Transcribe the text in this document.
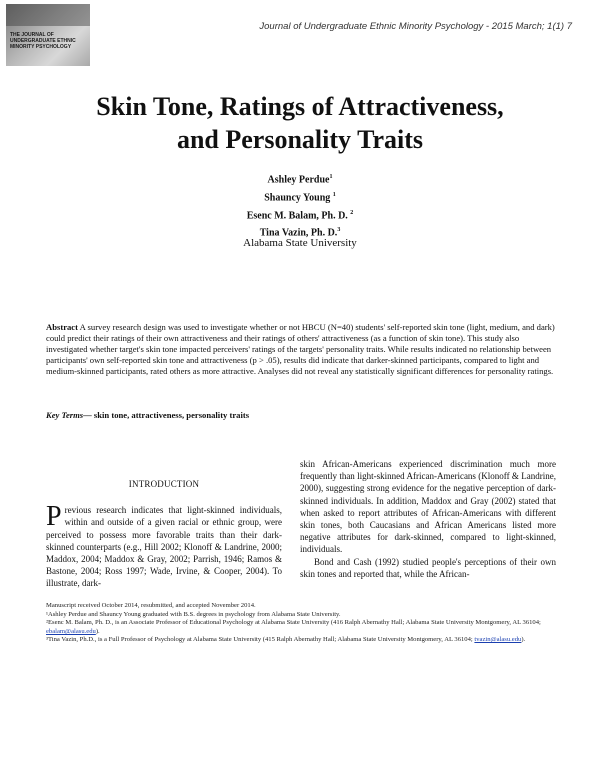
THE JOURNAL OF UNDERGRADUATE ETHNIC MINORITY PSYCHOLOGY
Journal of Undergraduate Ethnic Minority Psychology - 2015 March; 1(1) 7
Skin Tone, Ratings of Attractiveness,
and Personality Traits
Ashley Perdue$^1$
Shauncy Young $^1$
Esenc M. Balam, Ph. D. $^2$
Tina Vazin, Ph. D.$^3$
Alabama State University
Abstract A survey research design was used to investigate whether or not HBCU (N=40) students' self-reported skin tone (light, medium, and dark) could predict their ratings of their own attractiveness and their ratings of others' attractiveness (as a function of skin tone). This study also investigated whether target's skin tone impacted perceivers' ratings of the targets' personality traits. While results indicated no relationship between participants' own self-reported skin tone and attractiveness (p > .05), results did indicate that darker-skinned participants, compared to light and medium-skinned participants, rated others as more attractive. Analyses did not reveal any statistically significant differences for personality ratings.
Key Terms— skin tone, attractiveness, personality traits
INTRODUCTION

Previous research indicates that light-skinned individuals, within and outside of a given racial or ethnic group, were perceived to possess more favorable traits than their dark-skinned counterparts (e.g., Hill 2002; Klonoff & Landrine, 2000; Maddox, 2004; Maddox & Gray, 2002; Parrish, 1946; Ramos & Bastone, 2004; Ross 1997; Wade, Irvine, & Cooper, 2004). To illustrate, dark-

skin African-Americans experienced discrimination much more frequently than light-skinned African-Americans (Klonoff & Landrine, 2000), suggesting strong evidence for the negative perception of dark-skinned individuals. In addition, Maddox and Gray (2002) stated that when asked to report attributes of African-Americans with different skin tones, both Caucasians and African Americans listed more negative attributes for dark-skinned, compared to light-skinned, individuals.

Bond and Cash (1992) studied people's perceptions of their own skin tones and reported that, while the African-

Manuscript received October 2014, resubmitted, and accepted November 2014.

¹Ashley Perdue and Shauncy Young graduated with B.S. degrees in psychology from Alabama State University.

²Esenc M. Balam, Ph. D., is an Associate Professor of Educational Psychology at Alabama State University (416 Ralph Abernathy Hall; Alabama State University Montgomery, AL 36104; ebalam@alasu.edu).

³Tina Vazin, Ph.D., is a Full Professor of Psychology at Alabama State University (415 Ralph Abernathy Hall; Alabama State University Montgomery, AL 36104; tvazin@alasu.edu).
